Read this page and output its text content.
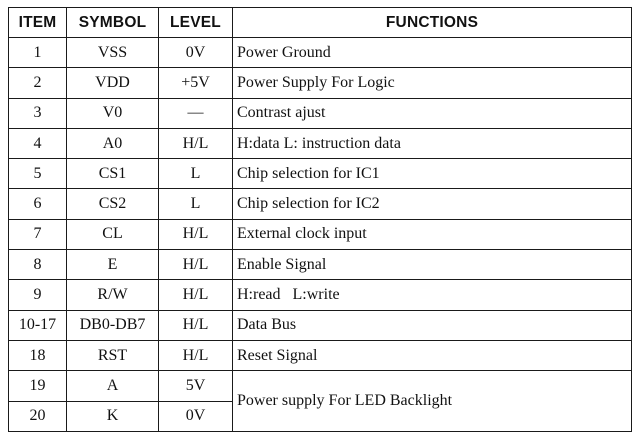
ITEM	SYMBOL	LEVEL	FUNCTIONS
1	VSS	0V	Power Ground
2	VDD	+5V	Power Supply For Logic
3	V0	—	Contrast ajust
4	A0	H/L	H:data L: instruction data
5	CS1	L	Chip selection for IC1
6	CS2	L	Chip selection for IC2
7	CL	H/L	External clock input
8	E	H/L	Enable Signal
9	R/W	H/L	H:read   L:write
10-17	DB0-DB7	H/L	Data Bus
18	RST	H/L	Reset Signal
19	A	5V	Power supply For LED Backlight
20	K	0V	
